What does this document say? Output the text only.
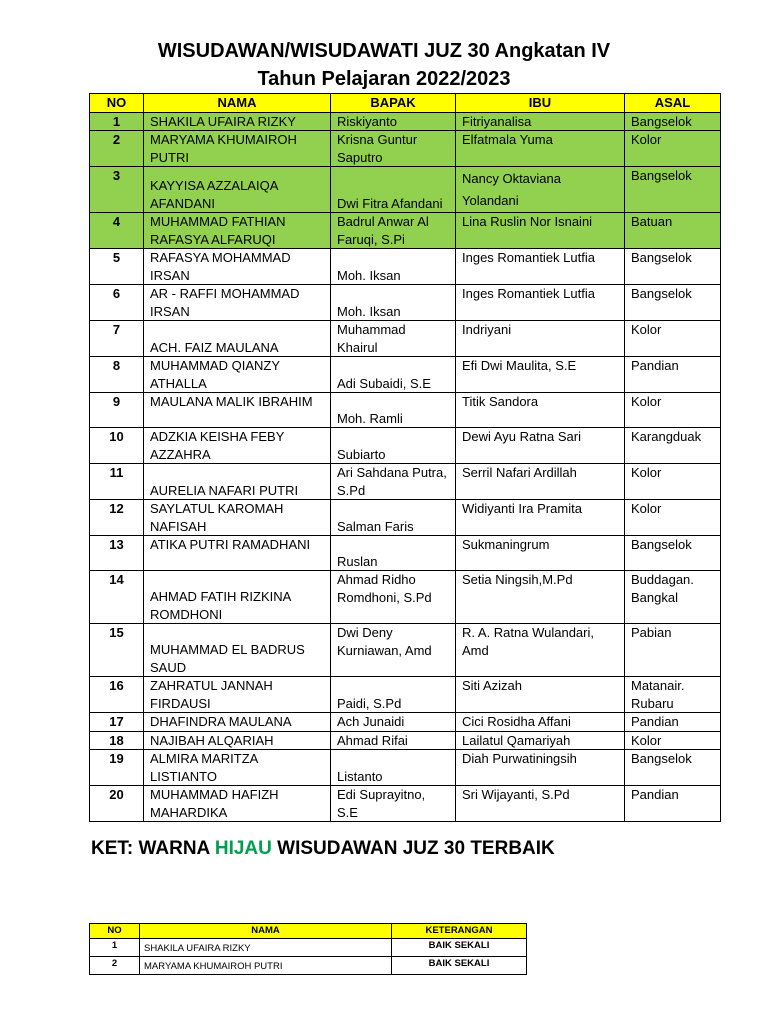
WISUDAWAN/WISUDAWATI JUZ 30 Angkatan IV
Tahun Pelajaran 2022/2023
NO	NAMA	BAPAK	IBU	ASAL
1	SHAKILA UFAIRA RIZKY	Riskiyanto	Fitriyanalisa	Bangselok
2	MARYAMA KHUMAIROH PUTRI	Krisna Guntur Saputro	Elfatmala Yuma	Kolor
3	KAYYISA AZZALAIQA AFANDANI	Dwi Fitra Afandani	Nancy Oktaviana Yolandani	Bangselok
4	MUHAMMAD FATHIAN RAFASYA ALFARUQI	Badrul Anwar Al Faruqi, S.Pi	Lina Ruslin Nor Isnaini	Batuan
5	RAFASYA MOHAMMAD IRSAN	Moh. Iksan	Inges Romantiek Lutfia	Bangselok
6	AR - RAFFI MOHAMMAD IRSAN	Moh. Iksan	Inges Romantiek Lutfia	Bangselok
7	ACH. FAIZ MAULANA	Muhammad Khairul	Indriyani	Kolor
8	MUHAMMAD QIANZY ATHALLA	Adi Subaidi, S.E	Efi Dwi Maulita, S.E	Pandian
9	MAULANA MALIK IBRAHIM	Moh. Ramli	Titik Sandora	Kolor
10	ADZKIA KEISHA FEBY AZZAHRA	Subiarto	Dewi Ayu Ratna Sari	Karangduak
11	AURELIA NAFARI PUTRI	Ari Sahdana Putra, S.Pd	Serril Nafari Ardillah	Kolor
12	SAYLATUL KAROMAH NAFISAH	Salman Faris	Widiyanti Ira Pramita	Kolor
13	ATIKA PUTRI RAMADHANI	Ruslan	Sukmaningrum	Bangselok
14	AHMAD FATIH RIZKINA ROMDHONI	Ahmad Ridho Romdhoni, S.Pd	Setia Ningsih,M.Pd	Buddagan. Bangkal
15	MUHAMMAD EL BADRUS SAUD	Dwi Deny Kurniawan, Amd	R. A. Ratna Wulandari, Amd	Pabian
16	ZAHRATUL JANNAH FIRDAUSI	Paidi, S.Pd	Siti Azizah	Matanair. Rubaru
17	DHAFINDRA MAULANA	Ach Junaidi	Cici Rosidha Affani	Pandian
18	NAJIBAH ALQARIAH	Ahmad Rifai	Lailatul Qamariyah	Kolor
19	ALMIRA MARITZA LISTIANTO	Listanto	Diah Purwatiningsih	Bangselok
20	MUHAMMAD HAFIZH MAHARDIKA	Edi Suprayitno, S.E	Sri Wijayanti, S.Pd	Pandian
KET: WARNA HIJAU WISUDAWAN JUZ 30 TERBAIK
NO	NAMA	KETERANGAN
1	SHAKILA UFAIRA RIZKY	BAIK SEKALI
2	MARYAMA KHUMAIROH PUTRI	BAIK SEKALI
